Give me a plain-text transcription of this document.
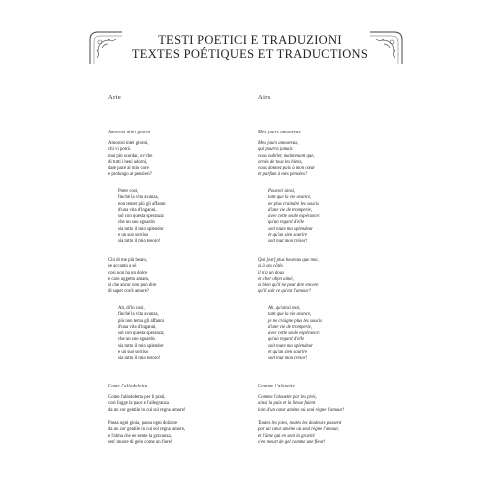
TESTI POETICI E TRADUZIONI
TEXTES POÉTIQUES ET TRADUCTIONS

Arie

Amorosi miei giorni

Amorosi miei giorni,
chi vi potrà
mai più scordar, ov'che
di tutti i beni adorni,
date pace al mio core
e prolungo ai pensieri?
Poter così,
finché la vita avanza,
non temer più gli affanni
d'una vita d'inganni,
sol con questa speranza:
che un suo sguardo
sia tutto il mio splendor
e un suo sorriso
sia tutto il mio tesoro!
Chi di me più beato,
se accanto a sé
così non ha un dolce
e caro oggetto amato,
sì che ancor non può dire
di saper cos'è amore?
Ah, di'lo così,
finché la vita avanza,
più non tema gli affanni
d'una vita d'inganni,
sol con questa speranza;
che un suo sguardo
sia tutto il mio splendor
e un suo sorriso
sia tutto il mio tesoro!

Come l'allodoletta

Come l'allodoletta per li prati,
così fugge la pace e l'allegranza
da un cor gentile in cui sol regna amore!
Passa ogni gioia, passa ogni dolzore
da un cor gentile in cui sol regna amore,
e l'alma che ne sente la gravanza,
sen' muore di gelo come un fiore!

Airs

Mes jours amoureux

Mes jours amoureux,
qui pourra jamais
vous oublier, maintenant que,
ornés de tous les biens,
vous donnez paix à mon cœur
et parfum à mes pensées?
Pouvoir ainsi,
tant que la vie avance,
ne plus craindre les soucis
d'une vie de tromperie,
avec cette seule espérance:
qu'un regard d'elle
soit toute ma splendeur
et qu'un sien sourire
soit tout mon trésor!
Qui [est] plus heureux que moi,
si à ses côtés
il n'a un doux
et cher objet aimé,
si bien qu'il ne peut dire encore
qu'il sait ce qu'est l'amour?
Ah, qu'ainsi moi,
tant que la vie avance,
je ne craigne plus les soucis
d'une vie de tromperie,
avec cette seule espérance:
qu'un regard d'elle
soit toute ma splendeur
et qu'un sien sourire
soit tout mon trésor!

Comme l'alouette

Comme l'alouette par les prés,
ainsi la paix et la liesse fuient
loin d'un cœur amène où seul règne l'amour!
Toutes les joies, toutes les douleurs passent
par un cœur amène où seul règne l'amour,
et l'âme qui en sent la gravité
s'en meurt de gel comme une fleur!
